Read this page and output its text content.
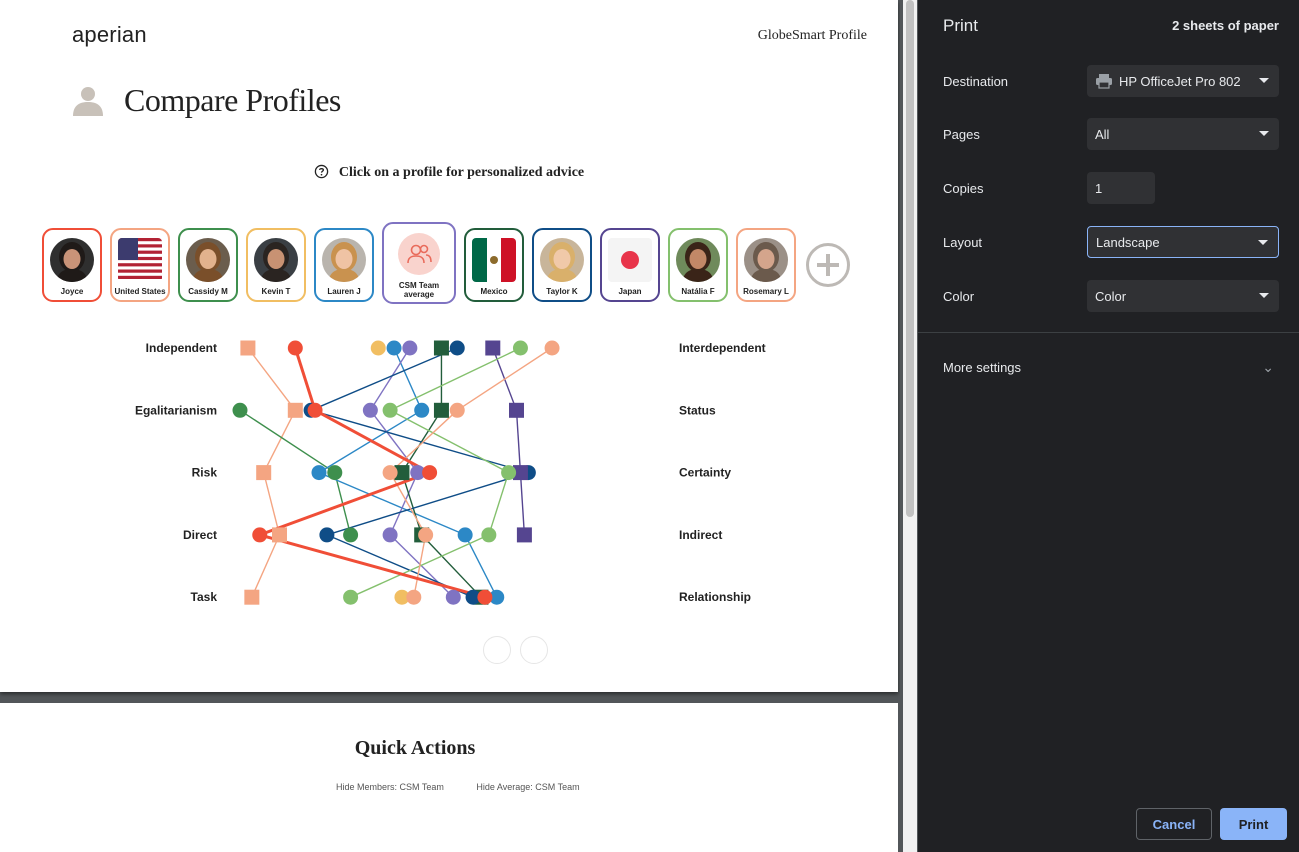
aperian	GlobeSmart Profile
Compare Profiles
Click on a profile for personalized advice
Joyce	United States	Cassidy M	Kevin T	Lauren J
CSM Team average	Mexico	Taylor K	Japan	Natália F	Rosemary L
Independent	Interdependent
Egalitarianism	Status
Risk	Certainty
Direct	Indirect
Task	Relationship
Quick Actions
Hide Members: CSM Team	Hide Average: CSM Team
Print	2 sheets of paper
Destination	HP OfficeJet Pro 802
Pages	All
Copies	1
Layout	Landscape
Color	Color
More settings	⌄
Cancel	Print
